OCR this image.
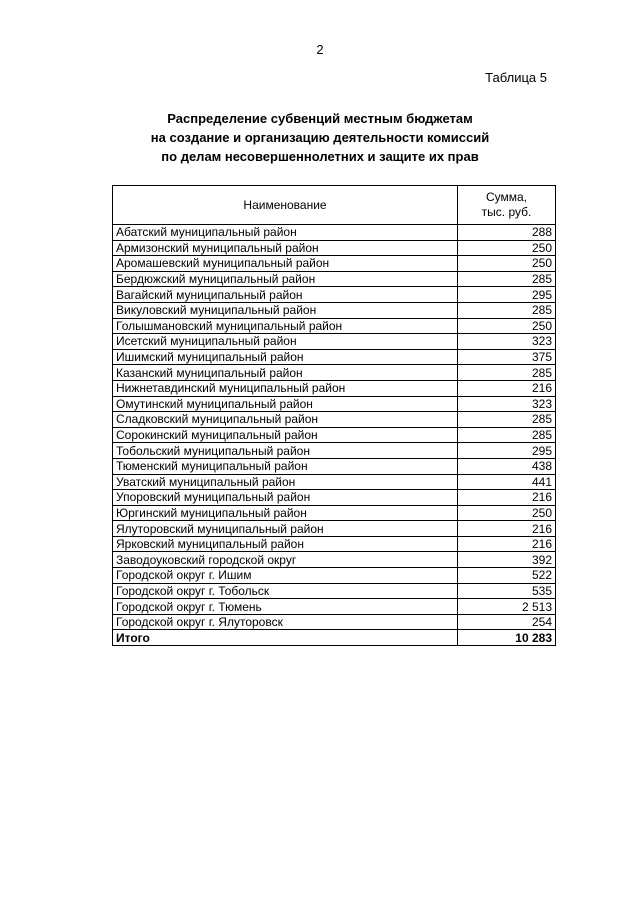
2
Таблица 5
Распределение субвенций местным бюджетам
на создание и организацию деятельности комиссий
по делам несовершеннолетних и защите их прав
Наименование	Сумма,
тыс. руб.

Абатский муниципальный район	288
Армизонский муниципальный район	250
Аромашевский муниципальный район	250
Бердюжский муниципальный район	285
Вагайский муниципальный район	295
Викуловский муниципальный район	285
Голышмановский муниципальный район	250
Исетский муниципальный район	323
Ишимский муниципальный район	375
Казанский муниципальный район	285
Нижнетавдинский муниципальный район	216
Омутинский муниципальный район	323
Сладковский муниципальный район	285
Сорокинский муниципальный район	285
Тобольский муниципальный район	295
Тюменский муниципальный район	438
Уватский муниципальный район	441
Упоровский муниципальный район	216
Юргинский муниципальный район	250
Ялуторовский муниципальный район	216
Ярковский муниципальный район	216
Заводоуковский городской округ	392
Городской округ г. Ишим	522
Городской округ г. Тобольск	535
Городской округ г. Тюмень	2 513
Городской округ г. Ялуторовск	254
Итого	10 283
